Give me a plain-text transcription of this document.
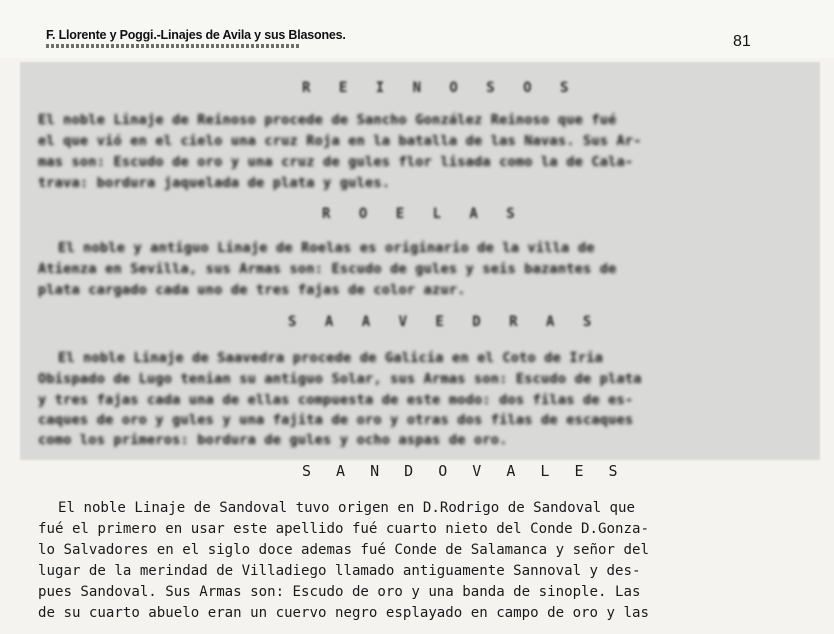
F. Llorente y Poggi.-Linajes de Avila y sus Blasones.	81
R E I N O S O S
El noble Linaje de Reinoso procede de Sancho González Reinoso que fué
el que vió en el cielo una cruz Roja en la batalla de las Navas. Sus Ar-
mas son: Escudo de oro y una cruz de gules flor lisada como la de Cala-
trava: bordura jaquelada de plata y gules.
R O E L A S
El noble y antiguo Linaje de Roelas es originario de la villa de
Atienza en Sevilla, sus Armas son: Escudo de gules y seis bazantes de
plata cargado cada uno de tres fajas de color azur.
S A A V E D R A S
El noble Linaje de Saavedra procede de Galicia en el Coto de Iria
Obispado de Lugo tenian su antiguo Solar, sus Armas son: Escudo de plata
y tres fajas cada una de ellas compuesta de este modo: dos filas de es-
caques de oro y gules y una fajita de oro y otras dos filas de escaques
como los primeros: bordura de gules y ocho aspas de oro.
S A N D O V A L E S
El noble Linaje de Sandoval tuvo origen en D.Rodrigo de Sandoval que
fué el primero en usar este apellido fué cuarto nieto del Conde D.Gonza-
lo Salvadores en el siglo doce ademas fué Conde de Salamanca y señor del
lugar de la merindad de Villadiego llamado antiguamente Sannoval y des-
pues Sandoval. Sus Armas son: Escudo de oro y una banda de sinople. Las
de su cuarto abuelo eran un cuervo negro esplayado en campo de oro y las
